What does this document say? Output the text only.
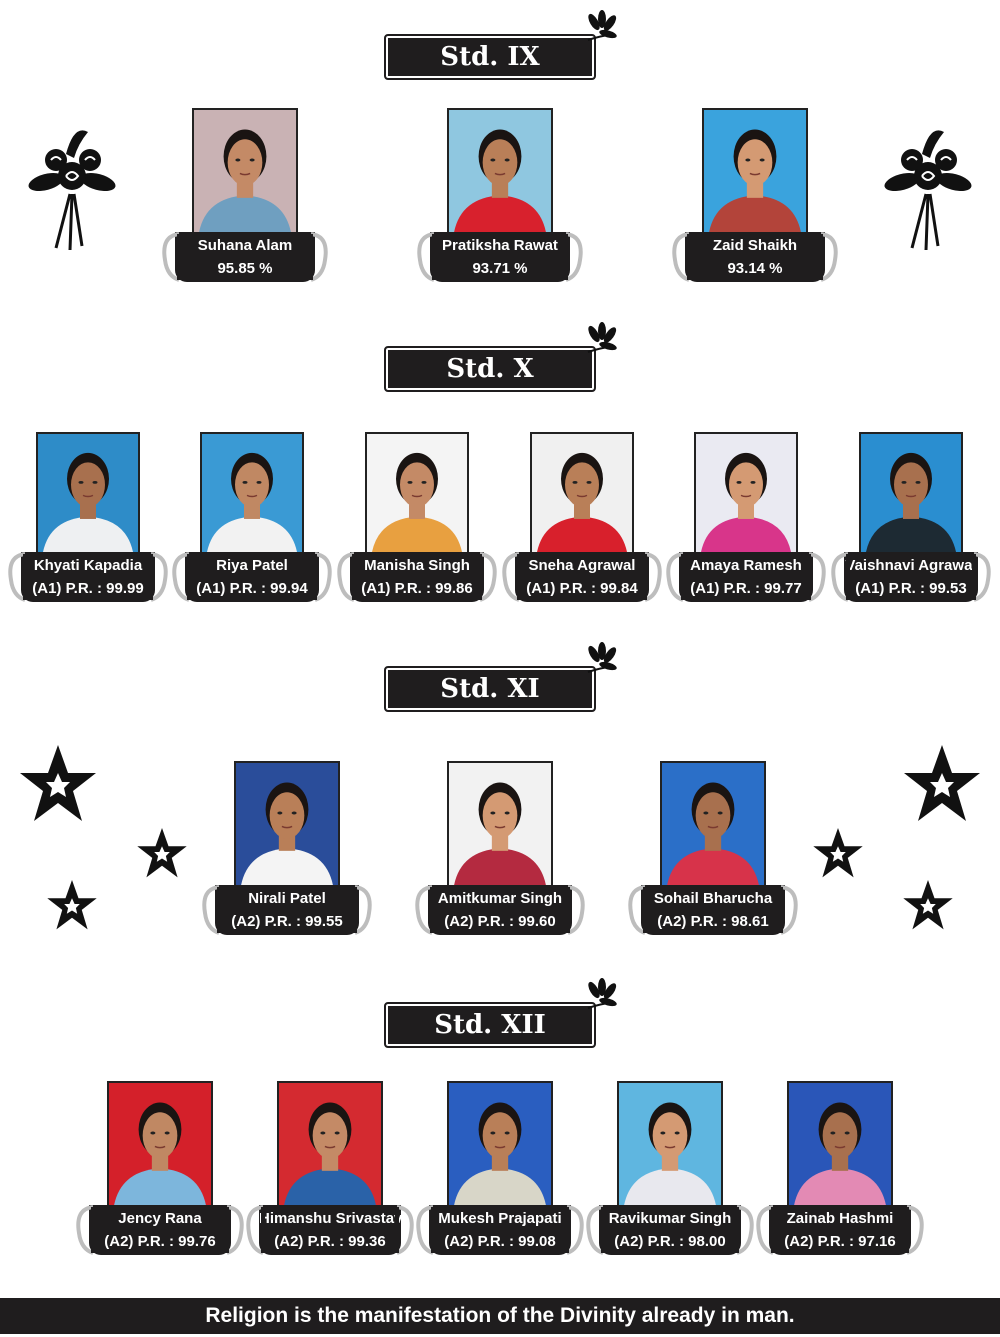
Std. IX
Suhana Alam
95.85 %
Pratiksha Rawat
93.71 %
Zaid Shaikh
93.14 %
Std. X
Khyati Kapadia
(A1) P.R. : 99.99
Riya Patel
(A1) P.R. : 99.94
Manisha Singh
(A1) P.R. : 99.86
Sneha Agrawal
(A1) P.R. : 99.84
Amaya Ramesh
(A1) P.R. : 99.77
Vaishnavi Agrawal
(A1) P.R. : 99.53
Std. XI
Nirali Patel
(A2) P.R. : 99.55
Amitkumar Singh
(A2) P.R. : 99.60
Sohail Bharucha
(A2) P.R. : 98.61
Std. XII
Jency Rana
(A2) P.R. : 99.76
Himanshu Srivastav
(A2) P.R. : 99.36
Mukesh Prajapati
(A2) P.R. : 99.08
Ravikumar Singh
(A2) P.R. : 98.00
Zainab Hashmi
(A2) P.R. : 97.16
Religion is the manifestation of the Divinity already in man.
